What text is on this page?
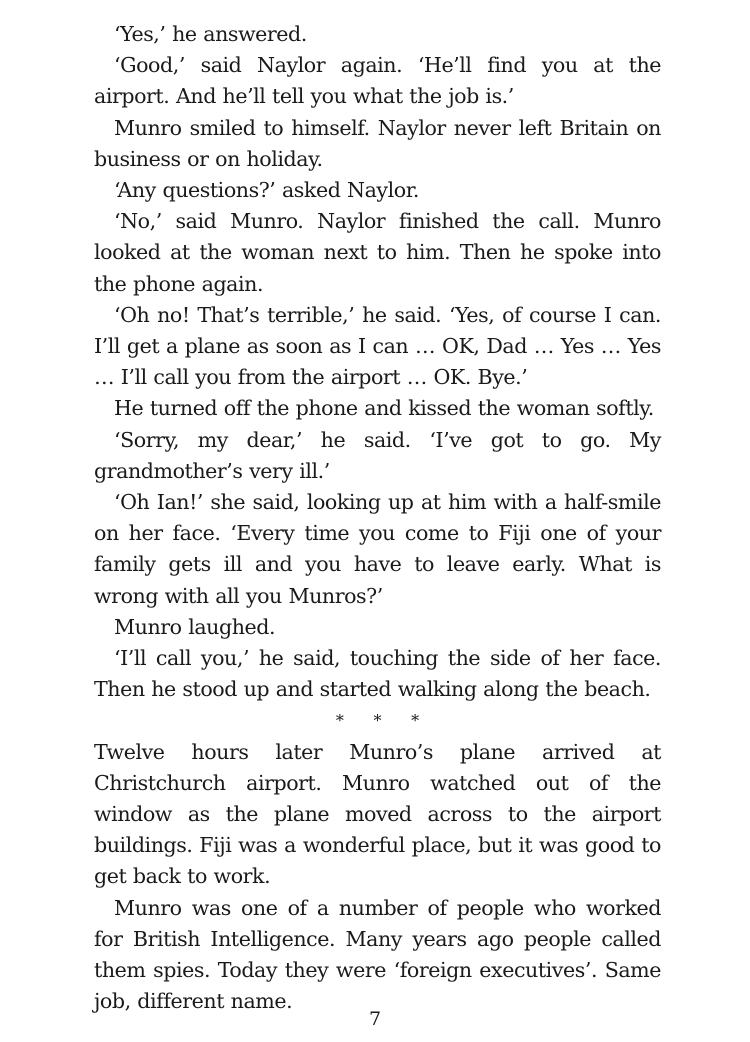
‘Yes,’ he answered.

‘Good,’ said Naylor again. ‘He’ll find you at the airport. And he’ll tell you what the job is.’

Munro smiled to himself. Naylor never left Britain on business or on holiday.

‘Any questions?’ asked Naylor.

‘No,’ said Munro. Naylor finished the call. Munro looked at the woman next to him. Then he spoke into the phone again.

‘Oh no! That’s terrible,’ he said. ‘Yes, of course I can. I’ll get a plane as soon as I can … OK, Dad … Yes … Yes … I’ll call you from the airport … OK. Bye.’

He turned off the phone and kissed the woman softly.

‘Sorry, my dear,’ he said. ‘I’ve got to go. My grandmother’s very ill.’

‘Oh Ian!’ she said, looking up at him with a half-smile on her face. ‘Every time you come to Fiji one of your family gets ill and you have to leave early. What is wrong with all you Munros?’

Munro laughed.

‘I’ll call you,’ he said, touching the side of her face. Then he stood up and started walking along the beach.

* * *

Twelve hours later Munro’s plane arrived at Christchurch airport. Munro watched out of the window as the plane moved across to the airport buildings. Fiji was a wonderful place, but it was good to get back to work.

Munro was one of a number of people who worked for British Intelligence. Many years ago people called them spies. Today they were ‘foreign executives’. Same job, different name.

7
